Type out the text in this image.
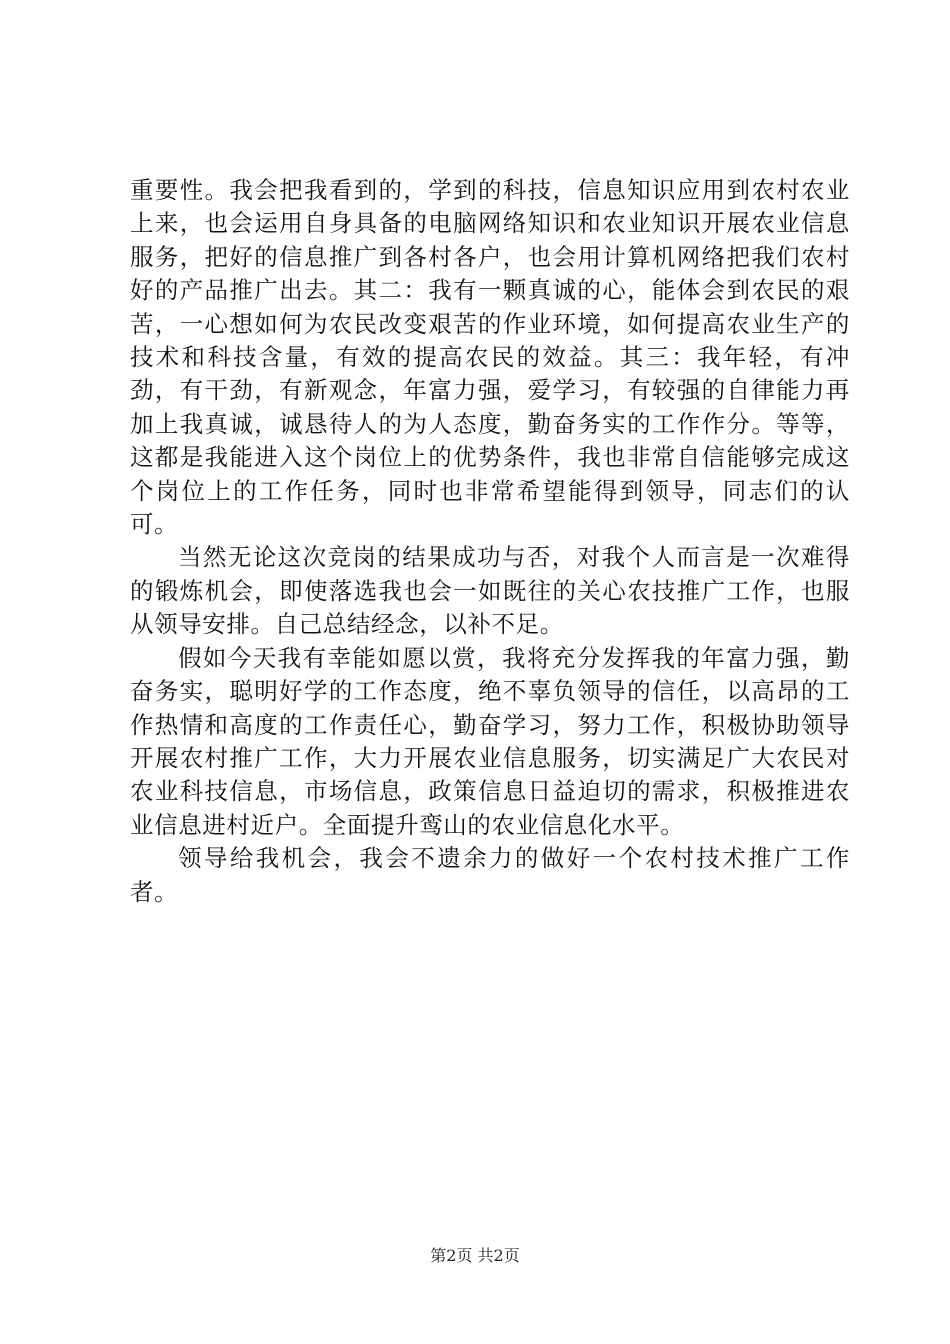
重要性。我会把我看到的，学到的科技，信息知识应用到农村农业上来，也会运用自身具备的电脑网络知识和农业知识开展农业信息服务，把好的信息推广到各村各户，也会用计算机网络把我们农村好的产品推广出去。其二：我有一颗真诚的心，能体会到农民的艰苦，一心想如何为农民改变艰苦的作业环境，如何提高农业生产的技术和科技含量，有效的提高农民的效益。其三：我年轻，有冲劲，有干劲，有新观念，年富力强，爱学习，有较强的自律能力再加上我真诚，诚恳待人的为人态度，勤奋务实的工作作分。等等，这都是我能进入这个岗位上的优势条件，我也非常自信能够完成这个岗位上的工作任务，同时也非常希望能得到领导，同志们的认可。

当然无论这次竞岗的结果成功与否，对我个人而言是一次难得的锻炼机会，即使落选我也会一如既往的关心农技推广工作，也服从领导安排。自己总结经念，以补不足。

假如今天我有幸能如愿以赏，我将充分发挥我的年富力强，勤奋务实，聪明好学的工作态度，绝不辜负领导的信任，以高昂的工作热情和高度的工作责任心，勤奋学习，努力工作，积极协助领导开展农村推广工作，大力开展农业信息服务，切实满足广大农民对农业科技信息，市场信息，政策信息日益迫切的需求，积极推进农业信息进村近户。全面提升鸾山的农业信息化水平。

领导给我机会，我会不遗余力的做好一个农村技术推广工作者。

第2页 共2页
